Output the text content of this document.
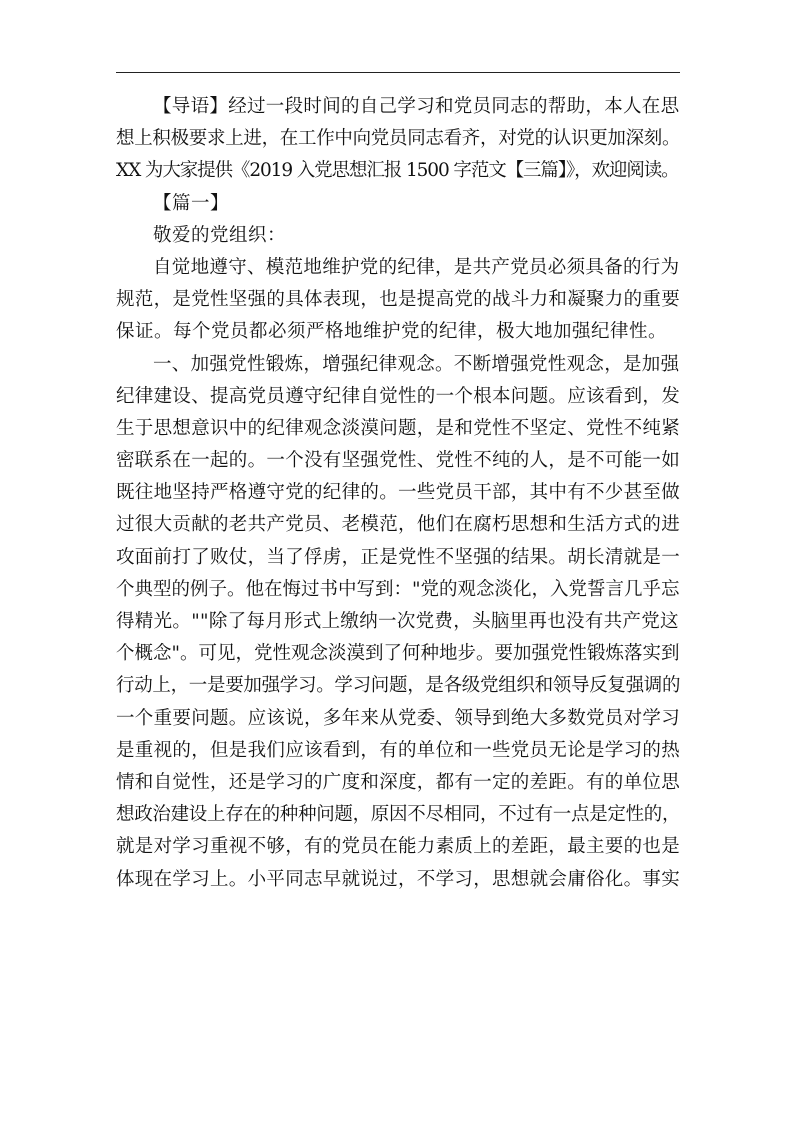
【导语】经过一段时间的自己学习和党员同志的帮助，本人在思
想上积极要求上进，在工作中向党员同志看齐，对党的认识更加深刻。
XX 为大家提供《2019 入党思想汇报 1500 字范文【三篇】》，欢迎阅读。
【篇一】
敬爱的党组织：
自觉地遵守、模范地维护党的纪律，是共产党员必须具备的行为
规范，是党性坚强的具体表现，也是提高党的战斗力和凝聚力的重要
保证。每个党员都必须严格地维护党的纪律，极大地加强纪律性。
一、加强党性锻炼，增强纪律观念。不断增强党性观念，是加强
纪律建设、提高党员遵守纪律自觉性的一个根本问题。应该看到，发
生于思想意识中的纪律观念淡漠问题，是和党性不坚定、党性不纯紧
密联系在一起的。一个没有坚强党性、党性不纯的人，是不可能一如
既往地坚持严格遵守党的纪律的。一些党员干部，其中有不少甚至做
过很大贡献的老共产党员、老模范，他们在腐朽思想和生活方式的进
攻面前打了败仗，当了俘虏，正是党性不坚强的结果。胡长清就是一
个典型的例子。他在悔过书中写到："党的观念淡化，入党誓言几乎忘
得精光。""除了每月形式上缴纳一次党费，头脑里再也没有共产党这
个概念"。可见，党性观念淡漠到了何种地步。要加强党性锻炼落实到
行动上，一是要加强学习。学习问题，是各级党组织和领导反复强调的
一个重要问题。应该说，多年来从党委、领导到绝大多数党员对学习
是重视的，但是我们应该看到，有的单位和一些党员无论是学习的热
情和自觉性，还是学习的广度和深度，都有一定的差距。有的单位思
想政治建设上存在的种种问题，原因不尽相同，不过有一点是定性的，
就是对学习重视不够，有的党员在能力素质上的差距，最主要的也是
体现在学习上。小平同志早就说过，不学习，思想就会庸俗化。事实
